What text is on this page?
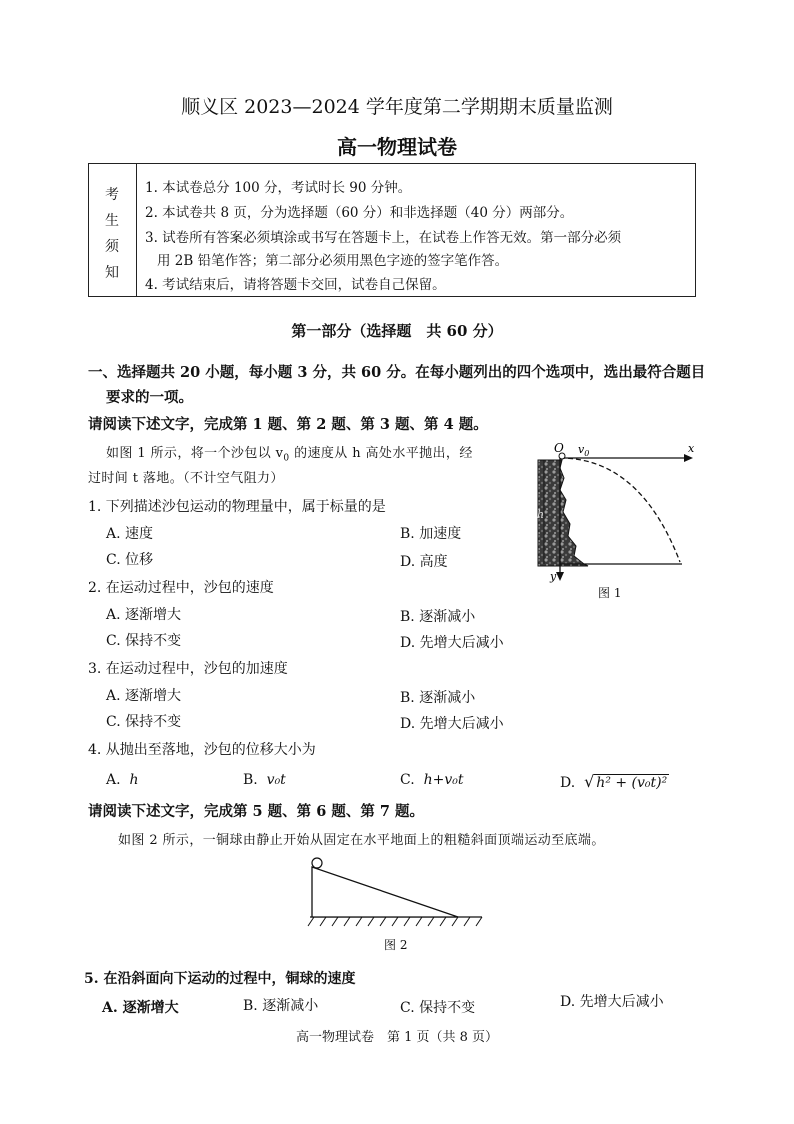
顺义区 2023—2024 学年度第二学期期末质量监测
高一物理试卷
考
生
须
知
1. 本试卷总分 100 分，考试时长 90 分钟。
2. 本试卷共 8 页，分为选择题（60 分）和非选择题（40 分）两部分。
3. 试卷所有答案必须填涂或书写在答题卡上，在试卷上作答无效。第一部分必须
用 2B 铅笔作答；第二部分必须用黑色字迹的签字笔作答。
4. 考试结束后，请将答题卡交回，试卷自己保留。
第一部分（选择题　共 60 分）
一、选择题共 20 小题，每小题 3 分，共 60 分。在每小题列出的四个选项中，选出最符合题目
要求的一项。
请阅读下述文字，完成第 1 题、第 2 题、第 3 题、第 4 题。
如图 1 所示，将一个沙包以 $v_0$ 的速度从 h 高处水平抛出，经
过时间 t 落地。（不计空气阻力）
O $v_0$	x
y
h
图 1
1. 下列描述沙包运动的物理量中，属于标量的是
A. 速度	B. 加速度
C. 位移	D. 高度
2. 在运动过程中，沙包的速度
A. 逐渐增大	B. 逐渐减小
C. 保持不变	D. 先增大后减小
3. 在运动过程中，沙包的加速度
A. 逐渐增大	B. 逐渐减小
C. 保持不变	D. 先增大后减小
4. 从抛出至落地，沙包的位移大小为
A. h	B. v₀t	C. h+v₀t	D. √ h² + (v₀t)²
请阅读下述文字，完成第 5 题、第 6 题、第 7 题。
如图 2 所示，一铜球由静止开始从固定在水平地面上的粗糙斜面顶端运动至底端。
图 2
5. 在沿斜面向下运动的过程中，铜球的速度
A. 逐渐增大	B. 逐渐减小	C. 保持不变	D. 先增大后减小
高一物理试卷　第 1 页（共 8 页）
